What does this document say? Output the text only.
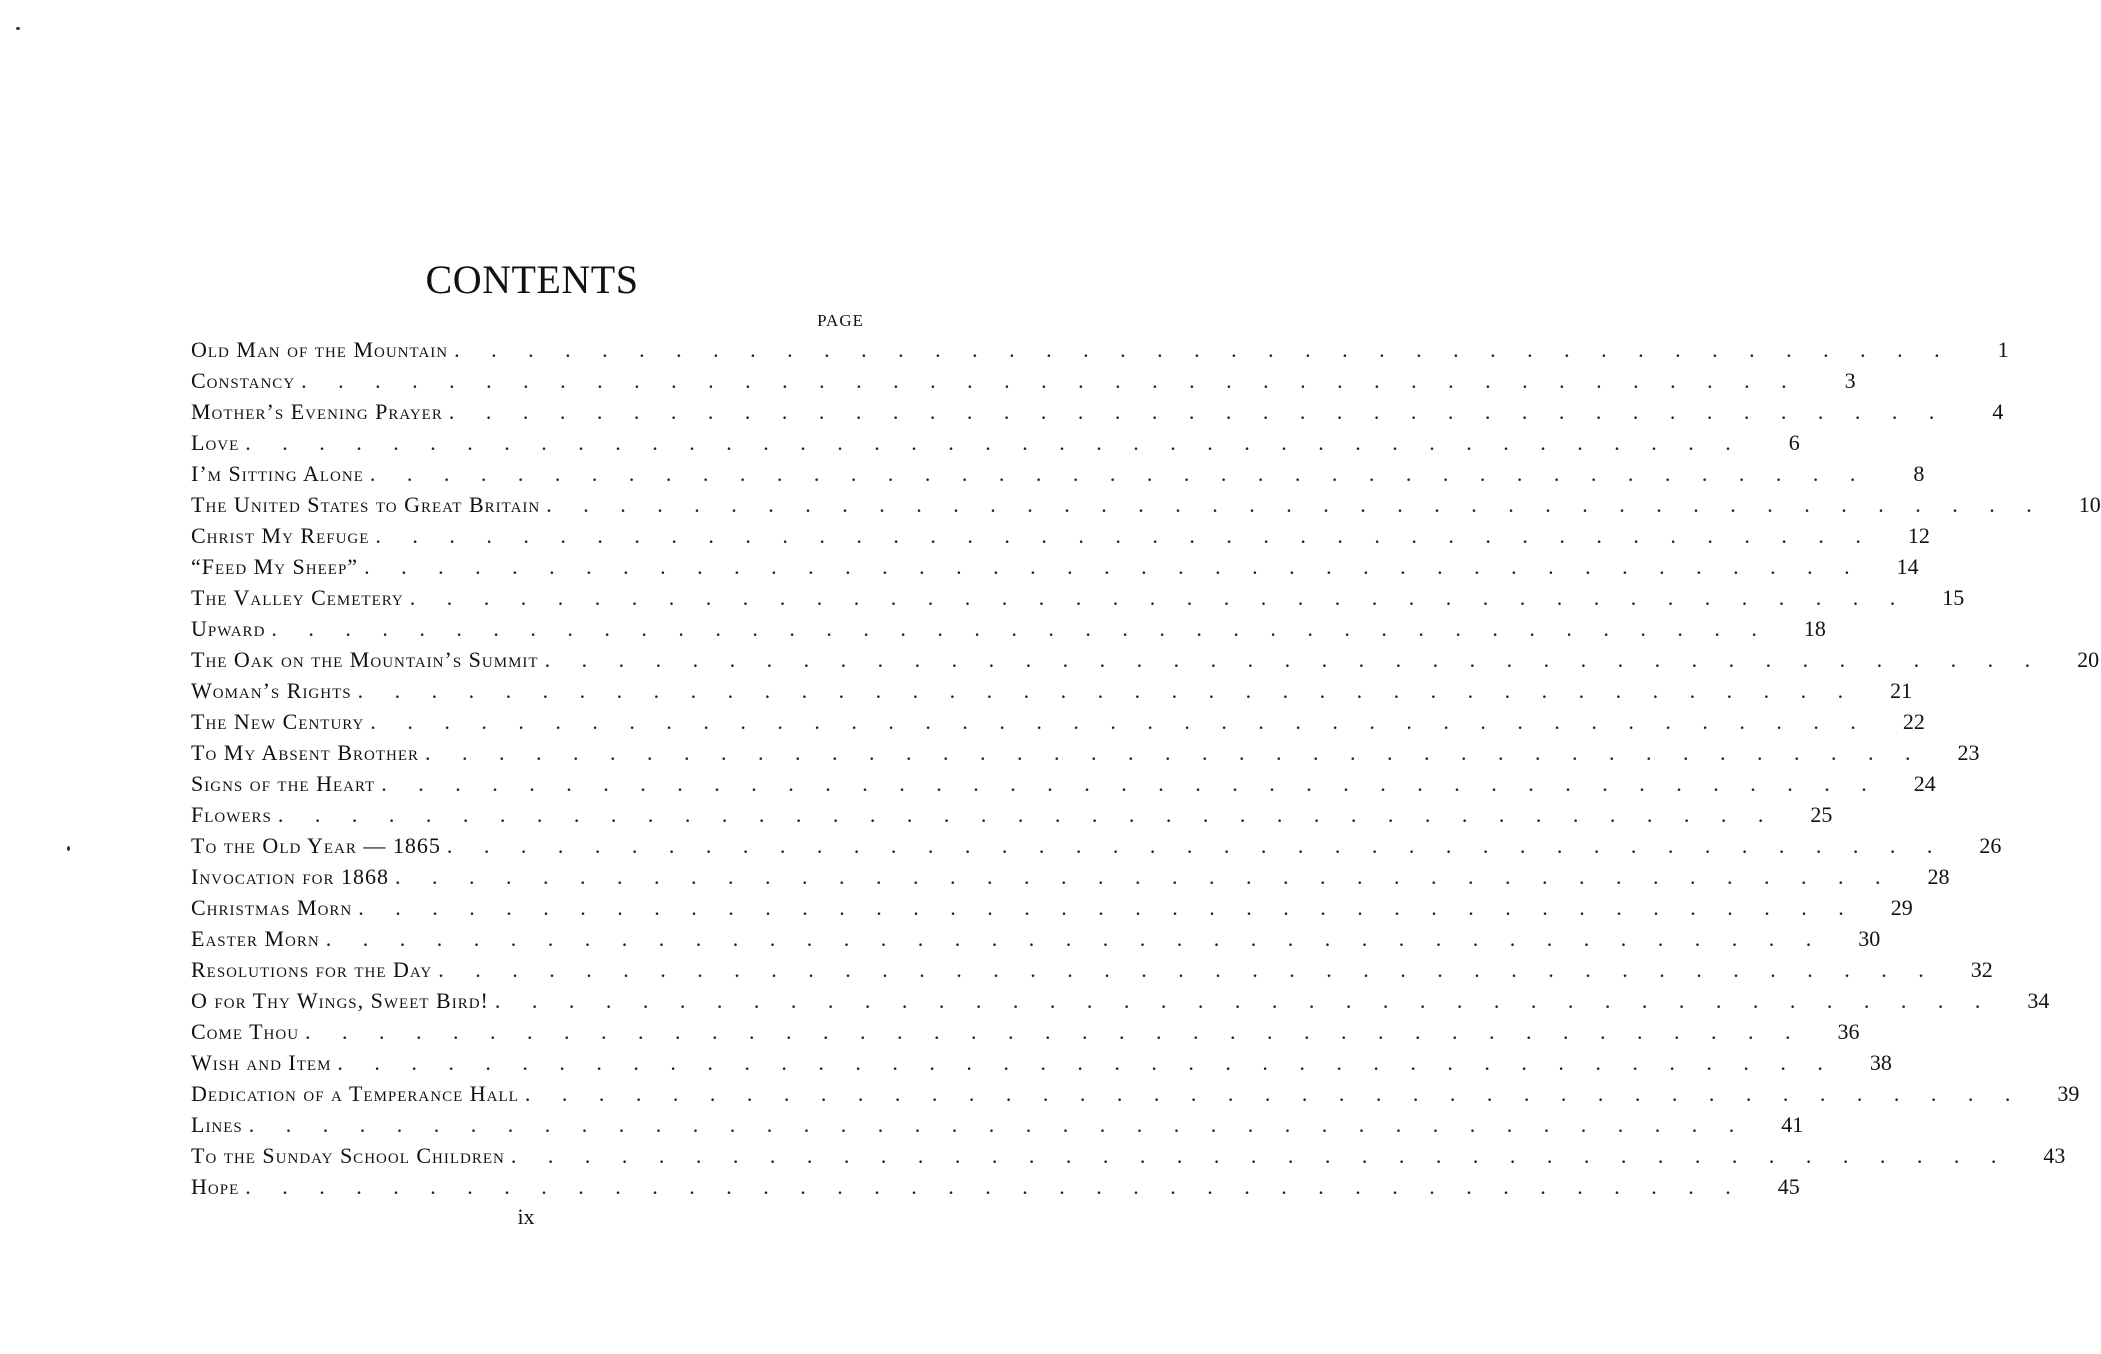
CONTENTS
PAGE
Old Man of the Mountain . . . . . . . . . . . . . . . . . . . . . . . . . . . . . . . . . . . . . . . . .	1
Constancy . . . . . . . . . . . . . . . . . . . . . . . . . . . . . . . . . . . . . . . . .	3
Mother’s Evening Prayer . . . . . . . . . . . . . . . . . . . . . . . . . . . . . . . . . . . . . . . . .	4
Love . . . . . . . . . . . . . . . . . . . . . . . . . . . . . . . . . . . . . . . . .	6
I’m Sitting Alone . . . . . . . . . . . . . . . . . . . . . . . . . . . . . . . . . . . . . . . . .	8
The United States to Great Britain . . . . . . . . . . . . . . . . . . . . . . . . . . . . . . . . . . . . . . . . .	10
Christ My Refuge . . . . . . . . . . . . . . . . . . . . . . . . . . . . . . . . . . . . . . . . .	12
“Feed My Sheep” . . . . . . . . . . . . . . . . . . . . . . . . . . . . . . . . . . . . . . . . .	14
The Valley Cemetery . . . . . . . . . . . . . . . . . . . . . . . . . . . . . . . . . . . . . . . . .	15
Upward . . . . . . . . . . . . . . . . . . . . . . . . . . . . . . . . . . . . . . . . .	18
The Oak on the Mountain’s Summit . . . . . . . . . . . . . . . . . . . . . . . . . . . . . . . . . . . . . . . . .	20
Woman’s Rights . . . . . . . . . . . . . . . . . . . . . . . . . . . . . . . . . . . . . . . . .	21
The New Century . . . . . . . . . . . . . . . . . . . . . . . . . . . . . . . . . . . . . . . . .	22
To My Absent Brother . . . . . . . . . . . . . . . . . . . . . . . . . . . . . . . . . . . . . . . . .	23
Signs of the Heart . . . . . . . . . . . . . . . . . . . . . . . . . . . . . . . . . . . . . . . . .	24
Flowers . . . . . . . . . . . . . . . . . . . . . . . . . . . . . . . . . . . . . . . . .	25
To the Old Year — 1865 . . . . . . . . . . . . . . . . . . . . . . . . . . . . . . . . . . . . . . . . .	26
Invocation for 1868 . . . . . . . . . . . . . . . . . . . . . . . . . . . . . . . . . . . . . . . . .	28
Christmas Morn . . . . . . . . . . . . . . . . . . . . . . . . . . . . . . . . . . . . . . . . .	29
Easter Morn . . . . . . . . . . . . . . . . . . . . . . . . . . . . . . . . . . . . . . . . .	30
Resolutions for the Day . . . . . . . . . . . . . . . . . . . . . . . . . . . . . . . . . . . . . . . . .	32
O for Thy Wings, Sweet Bird! . . . . . . . . . . . . . . . . . . . . . . . . . . . . . . . . . . . . . . . . .	34
Come Thou . . . . . . . . . . . . . . . . . . . . . . . . . . . . . . . . . . . . . . . . .	36
Wish and Item . . . . . . . . . . . . . . . . . . . . . . . . . . . . . . . . . . . . . . . . .	38
Dedication of a Temperance Hall . . . . . . . . . . . . . . . . . . . . . . . . . . . . . . . . . . . . . . . . .	39
Lines . . . . . . . . . . . . . . . . . . . . . . . . . . . . . . . . . . . . . . . . .	41
To the Sunday School Children . . . . . . . . . . . . . . . . . . . . . . . . . . . . . . . . . . . . . . . . .	43
Hope . . . . . . . . . . . . . . . . . . . . . . . . . . . . . . . . . . . . . . . . .	45
ix
